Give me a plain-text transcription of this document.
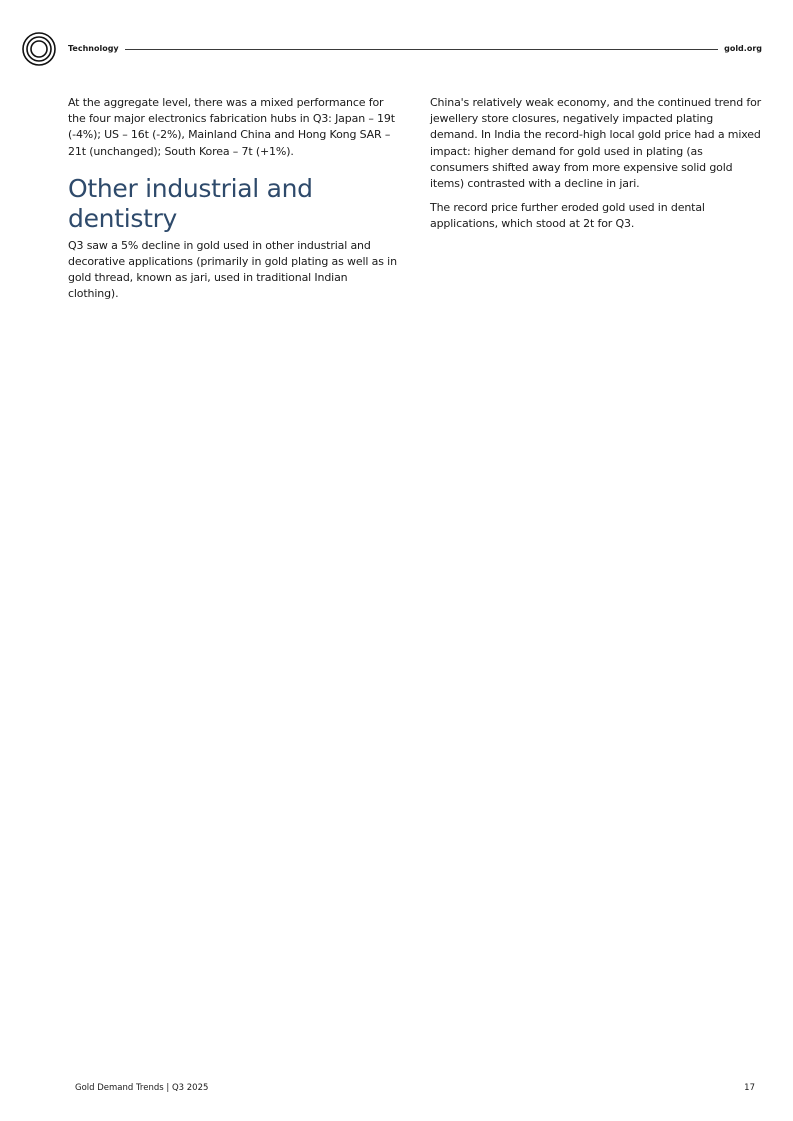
Technology	gold.org

At the aggregate level, there was a mixed performance for the four major electronics fabrication hubs in Q3: Japan – 19t (-4%); US – 16t (-2%), Mainland China and Hong Kong SAR – 21t (unchanged); South Korea – 7t (+1%).

Other industrial and dentistry

Q3 saw a 5% decline in gold used in other industrial and decorative applications (primarily in gold plating as well as in gold thread, known as jari, used in traditional Indian clothing).

China's relatively weak economy, and the continued trend for jewellery store closures, negatively impacted plating demand. In India the record-high local gold price had a mixed impact: higher demand for gold used in plating (as consumers shifted away from more expensive solid gold items) contrasted with a decline in jari.

The record price further eroded gold used in dental applications, which stood at 2t for Q3.

Gold Demand Trends | Q3 2025	17
